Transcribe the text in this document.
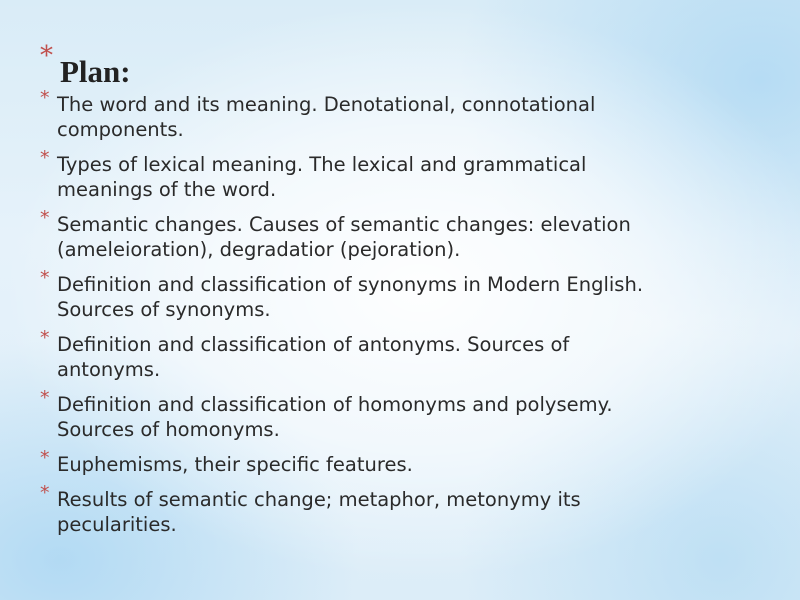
* Plan:
* The word and its meaning. Denotational, connotational
components.
* Types of lexical meaning. The lexical and grammatical
meanings of the word.
* Semantic changes. Causes of semantic changes: elevation
(ameleioration), degradatior (pejoration).
* Definition and classification of synonyms in Modern English.
Sources of synonyms.
* Definition and classification of antonyms. Sources of
antonyms.
* Definition and classification of homonyms and polysemy.
Sources of homonyms.
* Euphemisms, their specific features.
* Results of semantic change; metaphor, metonymy its
pecularities.
